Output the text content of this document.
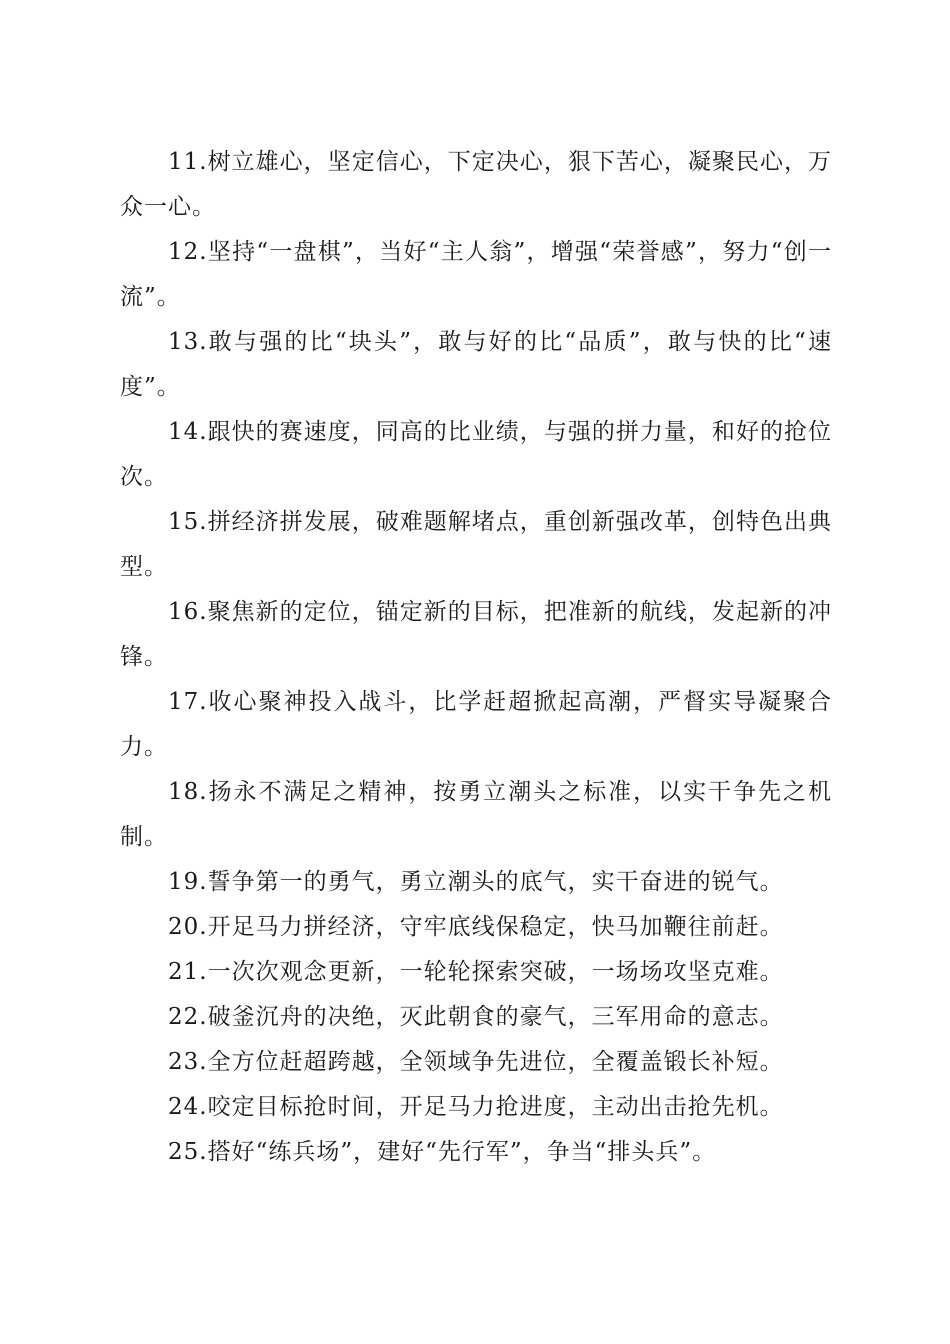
11.树立雄心，坚定信心，下定决心，狠下苦心，凝聚民心，万众一心。

12.坚持“一盘棋”，当好“主人翁”，增强“荣誉感”，努力“创一流”。

13.敢与强的比“块头”，敢与好的比“品质”，敢与快的比“速度”。

14.跟快的赛速度，同高的比业绩，与强的拼力量，和好的抢位次。

15.拼经济拼发展，破难题解堵点，重创新强改革，创特色出典型。

16.聚焦新的定位，锚定新的目标，把准新的航线，发起新的冲锋。

17.收心聚神投入战斗，比学赶超掀起高潮，严督实导凝聚合力。

18.扬永不满足之精神，按勇立潮头之标准，以实干争先之机制。

19.誓争第一的勇气，勇立潮头的底气，实干奋进的锐气。

20.开足马力拼经济，守牢底线保稳定，快马加鞭往前赶。

21.一次次观念更新，一轮轮探索突破，一场场攻坚克难。

22.破釜沉舟的决绝，灭此朝食的豪气，三军用命的意志。

23.全方位赶超跨越，全领域争先进位，全覆盖锻长补短。

24.咬定目标抢时间，开足马力抢进度，主动出击抢先机。

25.搭好“练兵场”，建好“先行军”，争当“排头兵”。
